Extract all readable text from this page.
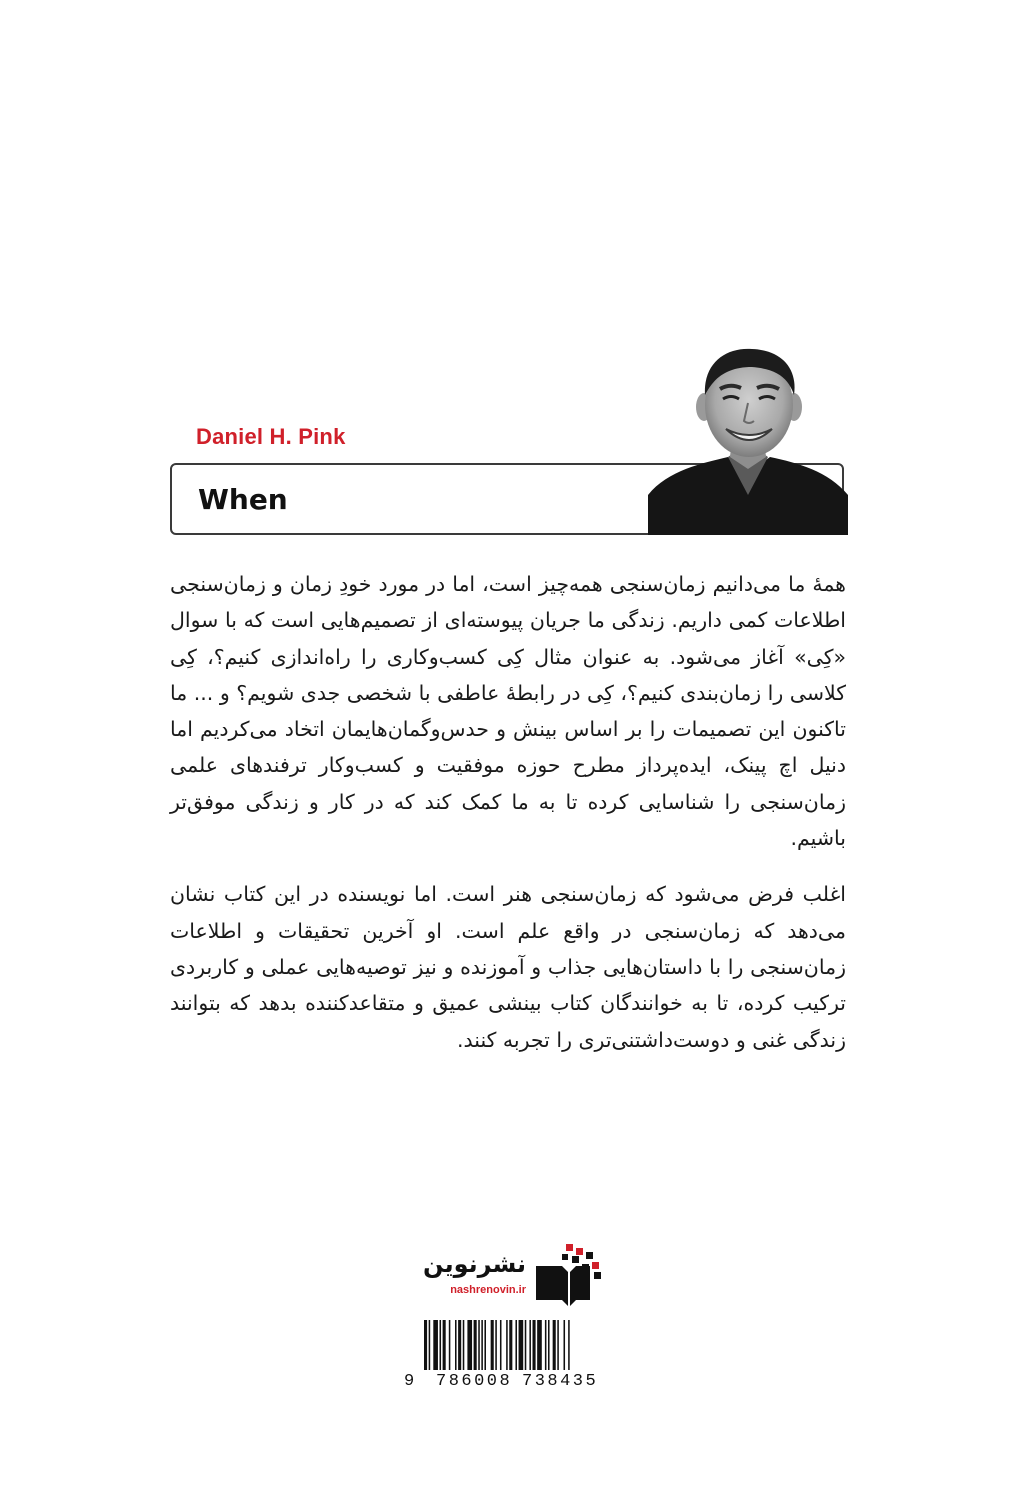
Daniel H. Pink
When

همهٔ ما می‌دانیم زمان‌سنجی همه‌چیز است، اما در مورد خودِ زمان و زمان‌سنجی اطلاعات کمی داریم. زندگی ما جریان پیوسته‌ای از تصمیم‌هایی است که با سوال «کِی» آغاز می‌شود. به عنوان مثال کِی کسب‌وکاری را راه‌اندازی کنیم؟، کِی کلاسی را زمان‌بندی کنیم؟، کِی در رابطهٔ عاطفی با شخصی جدی شویم؟ و ... ما تاکنون این تصمیمات را بر اساس بینش و حدس‌وگمان‌هایمان اتخاد می‌کردیم اما دنیل اچ پینک، ایده‌پرداز مطرح حوزه موفقیت و کسب‌وکار ترفندهای علمی زمان‌سنجی را شناسایی کرده تا به ما کمک کند که در کار و زندگی موفق‌تر باشیم.

اغلب فرض می‌شود که زمان‌سنجی هنر است. اما نویسنده در این کتاب نشان می‌دهد که زمان‌سنجی در واقع علم است. او آخرین تحقیقات و اطلاعات زمان‌سنجی را با داستان‌هایی جذاب و آموزنده و نیز توصیه‌هایی عملی و کاربردی ترکیب کرده، تا به خوانندگان کتاب بینشی عمیق و متقاعدکننده بدهد که بتوانند زندگی غنی و دوست‌داشتنی‌تری را تجربه کنند.

نشرنوین
nashrenovin.ir
9 786008 738435
